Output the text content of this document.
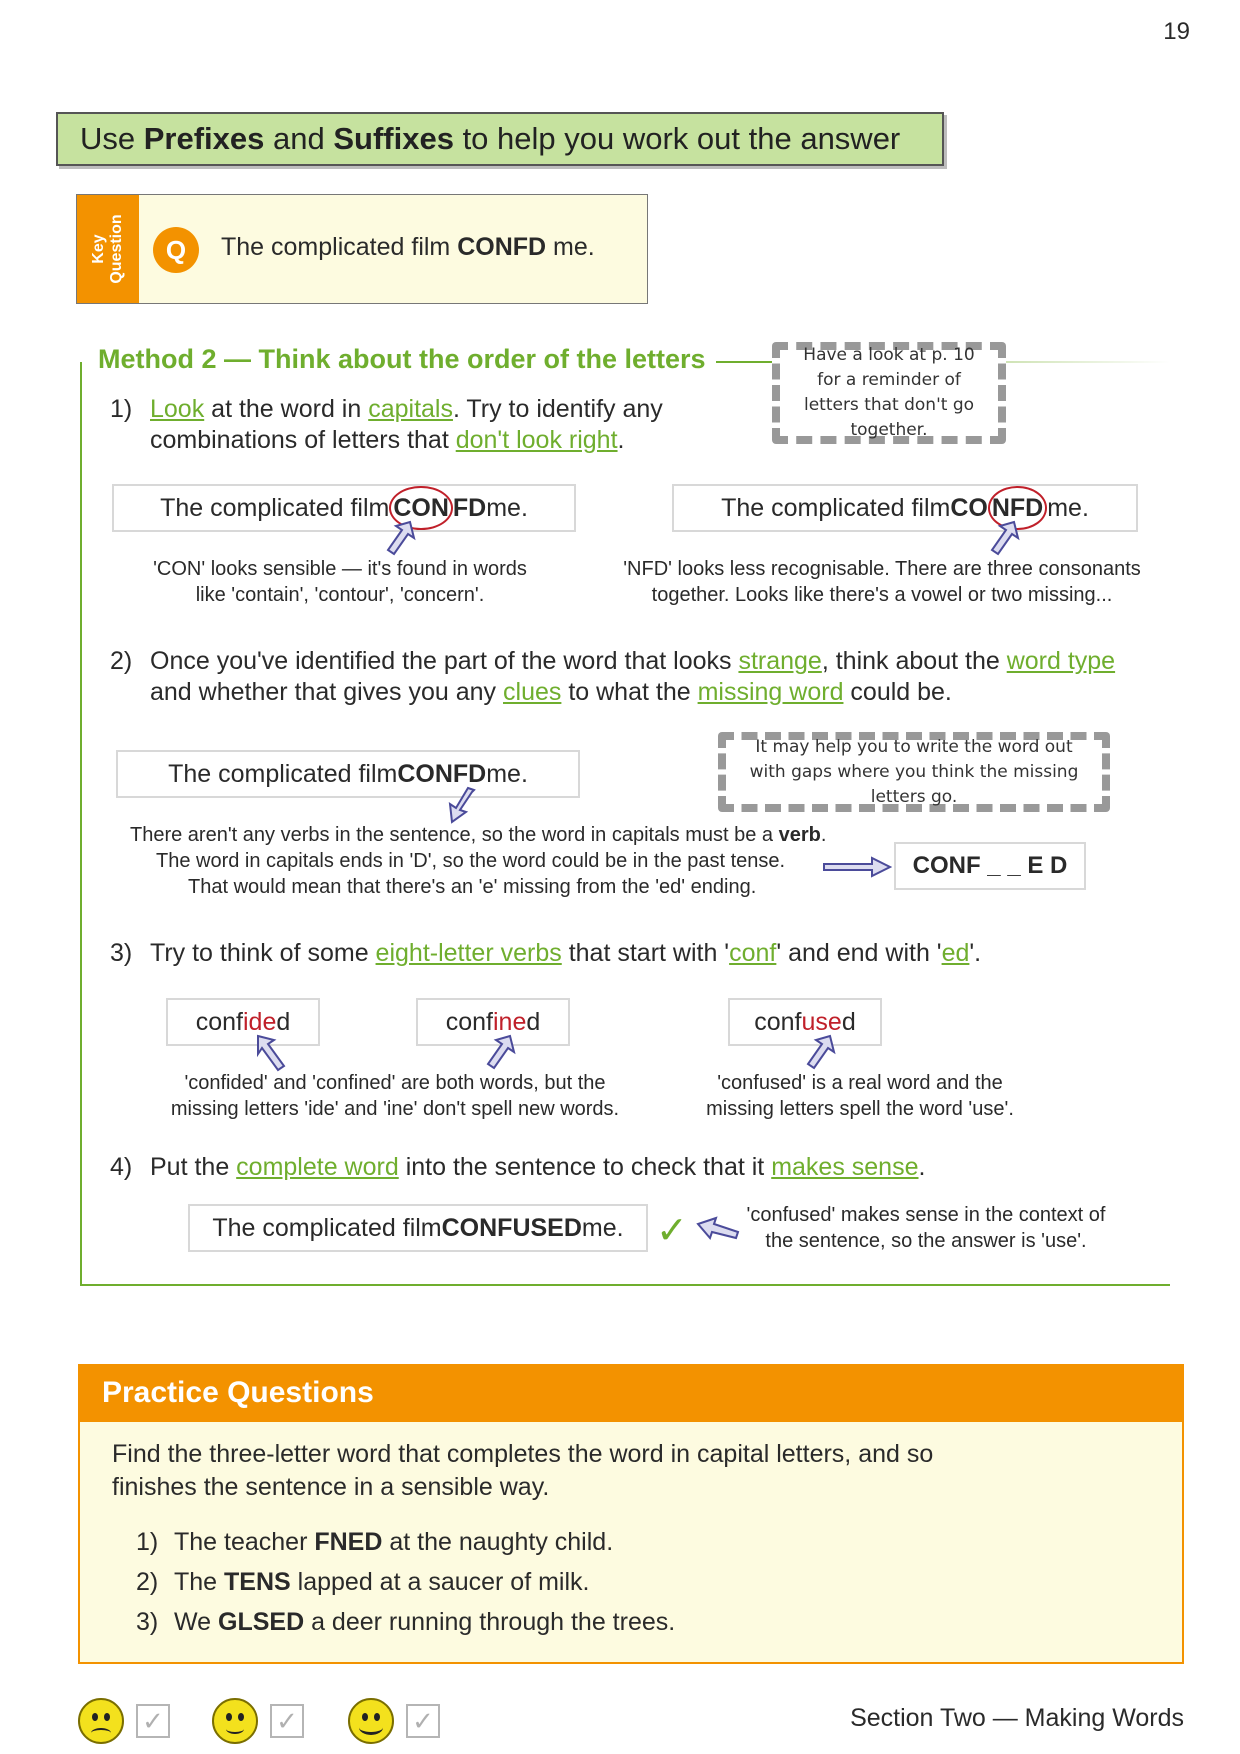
19
Use Prefixes and Suffixes to help you work out the answer
Key Question	Q	The complicated film CONFD me.
Method 2 — Think about the order of the letters	Have a look at p. 10 for a reminder of letters that don't go together.
1) Look at the word in capitals. Try to identify any
combinations of letters that don't look right.
The complicated film CON FD me.
'CON' looks sensible — it's found in words like 'contain', 'contour', 'concern'.
The complicated film CO NFD me.
'NFD' looks less recognisable. There are three consonants together. Looks like there's a vowel or two missing...
2) Once you've identified the part of the word that looks strange, think about the word type
and whether that gives you any clues to what the missing word could be.
It may help you to write the word out with gaps where you think the missing letters go.
The complicated film CONFD me.
There aren't any verbs in the sentence, so the word in capitals must be a verb.
The word in capitals ends in 'D', so the word could be in the past tense.
That would mean that there's an 'e' missing from the 'ed' ending.
CONF _ _ E D
3) Try to think of some eight-letter verbs that start with 'conf' and end with 'ed'.
conf ide d	conf ine d	conf use d
'confided' and 'confined' are both words, but the missing letters 'ide' and 'ine' don't spell new words.
'confused' is a real word and the missing letters spell the word 'use'.
4) Put the complete word into the sentence to check that it makes sense.
The complicated film CONFUSED me. ✓	'confused' makes sense in the context of the sentence, so the answer is 'use'.
Practice Questions
Find the three-letter word that completes the word in capital letters, and so finishes the sentence in a sensible way.
1) The teacher FNED at the naughty child.
2) The TENS lapped at a saucer of milk.
3) We GLSED a deer running through the trees.
✓	✓	✓	Section Two — Making Words
